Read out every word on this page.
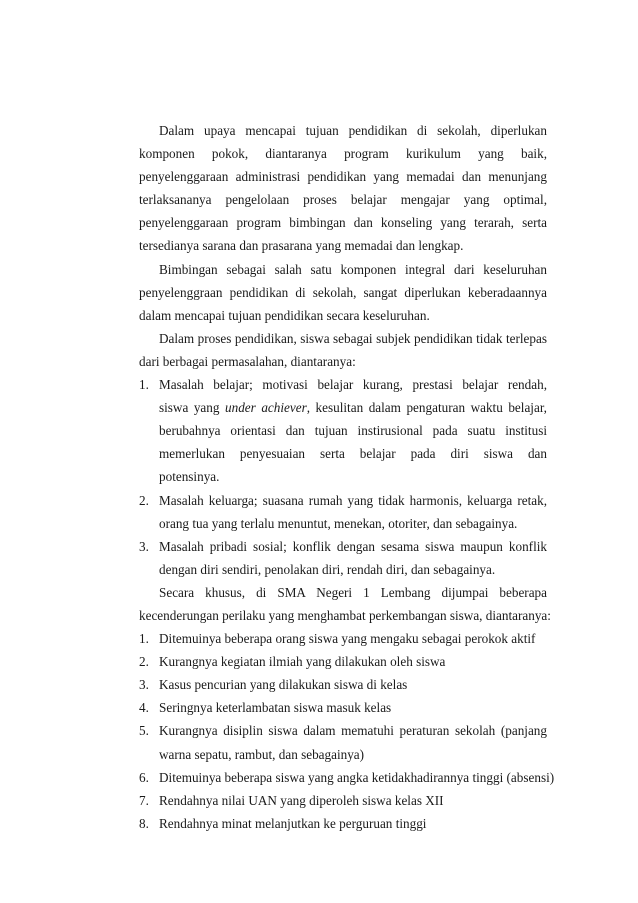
Dalam upaya mencapai tujuan pendidikan di sekolah, diperlukan
komponen pokok, diantaranya program kurikulum yang baik,
penyelenggaraan administrasi pendidikan yang memadai dan menunjang
terlaksananya pengelolaan proses belajar mengajar yang optimal,
penyelenggaraan program bimbingan dan konseling yang terarah, serta
tersedianya sarana dan prasarana yang memadai dan lengkap.
Bimbingan sebagai salah satu komponen integral dari keseluruhan
penyelenggraan pendidikan di sekolah, sangat diperlukan keberadaannya
dalam mencapai tujuan pendidikan secara keseluruhan.
Dalam proses pendidikan, siswa sebagai subjek pendidikan tidak terlepas
dari berbagai permasalahan, diantaranya:
1. Masalah belajar; motivasi belajar kurang, prestasi belajar rendah,
siswa yang under achiever, kesulitan dalam pengaturan waktu belajar,
berubahnya orientasi dan tujuan instirusional pada suatu institusi
memerlukan penyesuaian serta belajar pada diri siswa dan
potensinya.
2. Masalah keluarga; suasana rumah yang tidak harmonis, keluarga retak,
orang tua yang terlalu menuntut, menekan, otoriter, dan sebagainya.
3. Masalah pribadi sosial; konflik dengan sesama siswa maupun konflik
dengan diri sendiri, penolakan diri, rendah diri, dan sebagainya.
Secara khusus, di SMA Negeri 1 Lembang dijumpai beberapa
kecenderungan perilaku yang menghambat perkembangan siswa, diantaranya:
1. Ditemuinya beberapa orang siswa yang mengaku sebagai perokok aktif
2. Kurangnya kegiatan ilmiah yang dilakukan oleh siswa
3. Kasus pencurian yang dilakukan siswa di kelas
4. Seringnya keterlambatan siswa masuk kelas
5. Kurangnya disiplin siswa dalam mematuhi peraturan sekolah (panjang
warna sepatu, rambut, dan sebagainya)
6. Ditemuinya beberapa siswa yang angka ketidakhadirannya tinggi (absensi)
7. Rendahnya nilai UAN yang diperoleh siswa kelas XII
8. Rendahnya minat melanjutkan ke perguruan tinggi
